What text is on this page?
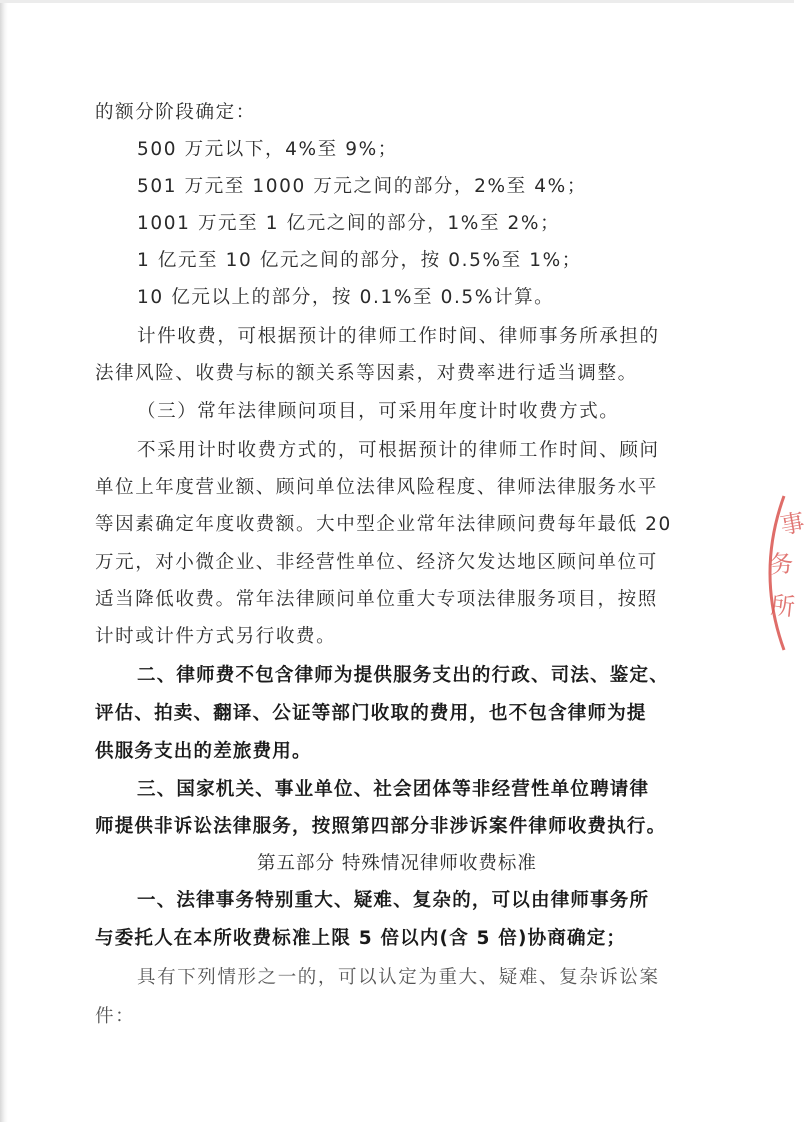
的额分阶段确定：
500 万元以下，4%至 9%；
501 万元至 1000 万元之间的部分，2%至 4%；
1001 万元至 1 亿元之间的部分，1%至 2%；
1 亿元至 10 亿元之间的部分，按 0.5%至 1%；
10 亿元以上的部分，按 0.1%至 0.5%计算。
计件收费，可根据预计的律师工作时间、律师事务所承担的
法律风险、收费与标的额关系等因素，对费率进行适当调整。
（三）常年法律顾问项目，可采用年度计时收费方式。
不采用计时收费方式的，可根据预计的律师工作时间、顾问
单位上年度营业额、顾问单位法律风险程度、律师法律服务水平
等因素确定年度收费额。大中型企业常年法律顾问费每年最低 20
万元，对小微企业、非经营性单位、经济欠发达地区顾问单位可
适当降低收费。常年法律顾问单位重大专项法律服务项目，按照
计时或计件方式另行收费。
二、律师费不包含律师为提供服务支出的行政、司法、鉴定、
评估、拍卖、翻译、公证等部门收取的费用，也不包含律师为提
供服务支出的差旅费用。
三、国家机关、事业单位、社会团体等非经营性单位聘请律
师提供非诉讼法律服务，按照第四部分非涉诉案件律师收费执行。
第五部分 特殊情况律师收费标准
一、法律事务特别重大、疑难、复杂的，可以由律师事务所
与委托人在本所收费标准上限 5 倍以内(含 5 倍)协商确定；
具有下列情形之一的，可以认定为重大、疑难、复杂诉讼案
件：
事
务
所
